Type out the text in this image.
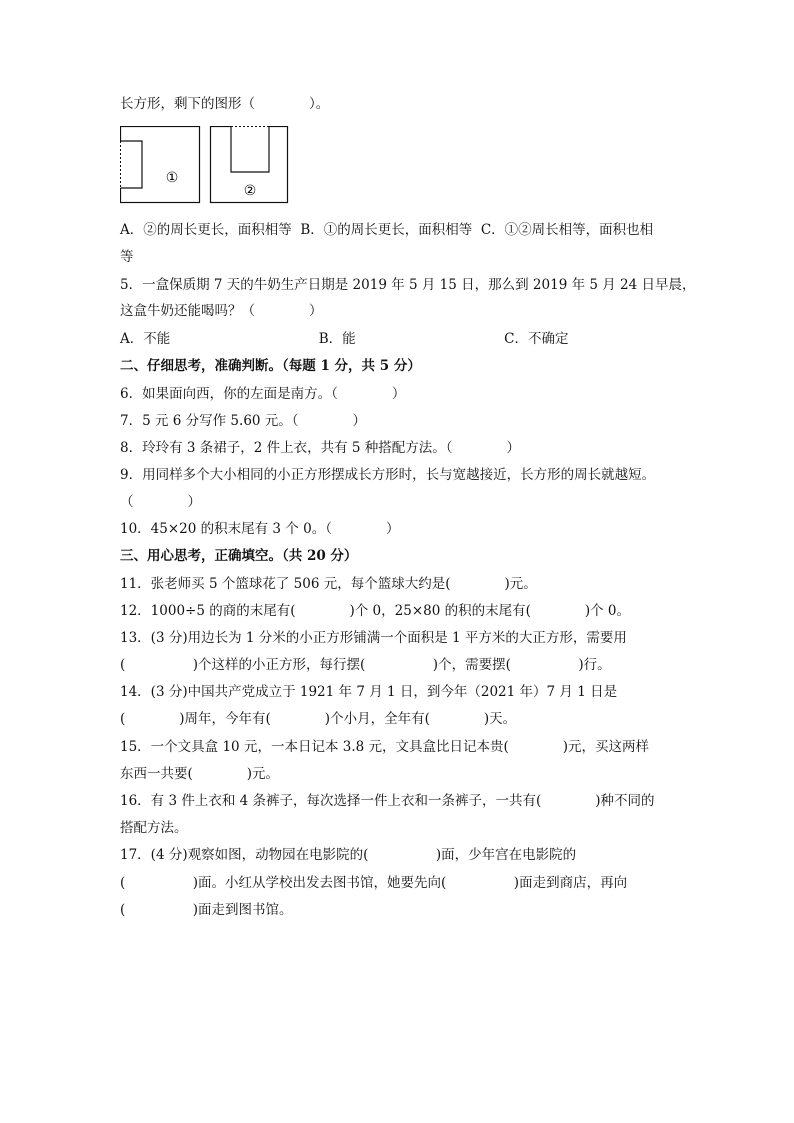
长方形，剩下的图形（　　　　）。
①
②
A．②的周长更长，面积相等  B．①的周长更长，面积相等  C．①②周长相等，面积也相
等
5．一盒保质期 7 天的牛奶生产日期是 2019 年 5 月 15 日，那么到 2019 年 5 月 24 日早晨，
这盒牛奶还能喝吗？（　　　　）
A．不能　　　　　　　　　　　B．能　　　　　　　　　　　C．不确定
二、仔细思考，准确判断。（每题 1 分，共 5 分）
6．如果面向西，你的左面是南方。（　　　　）
7．5 元 6 分写作 5.60 元。（　　　　）
8．玲玲有 3 条裙子，2 件上衣，共有 5 种搭配方法。（　　　　）
9．用同样多个大小相同的小正方形摆成长方形时，长与宽越接近，长方形的周长就越短。
（　　　　）
10．45×20 的积末尾有 3 个 0。（　　　　）
三、用心思考，正确填空。（共 20 分）
11．张老师买 5 个篮球花了 506 元，每个篮球大约是(　　　　)元。
12．1000÷5 的商的末尾有(　　　　)个 0，25×80 的积的末尾有(　　　　)个 0。
13．(3 分)用边长为 1 分米的小正方形铺满一个面积是 1 平方米的大正方形，需要用
(　　　　　)个这样的小正方形，每行摆(　　　　　)个，需要摆(　　　　　)行。
14．(3 分)中国共产党成立于 1921 年 7 月 1 日，到今年（2021 年）7 月 1 日是
(　　　　)周年，今年有(　　　　)个小月，全年有(　　　　)天。
15．一个文具盒 10 元，一本日记本 3.8 元，文具盒比日记本贵(　　　　)元，买这两样
东西一共要(　　　　)元。
16．有 3 件上衣和 4 条裤子，每次选择一件上衣和一条裤子，一共有(　　　　)种不同的
搭配方法。
17．(4 分)观察如图，动物园在电影院的(　　　　　)面，少年宫在电影院的
(　　　　　)面。小红从学校出发去图书馆，她要先向(　　　　　)面走到商店，再向
(　　　　　)面走到图书馆。
